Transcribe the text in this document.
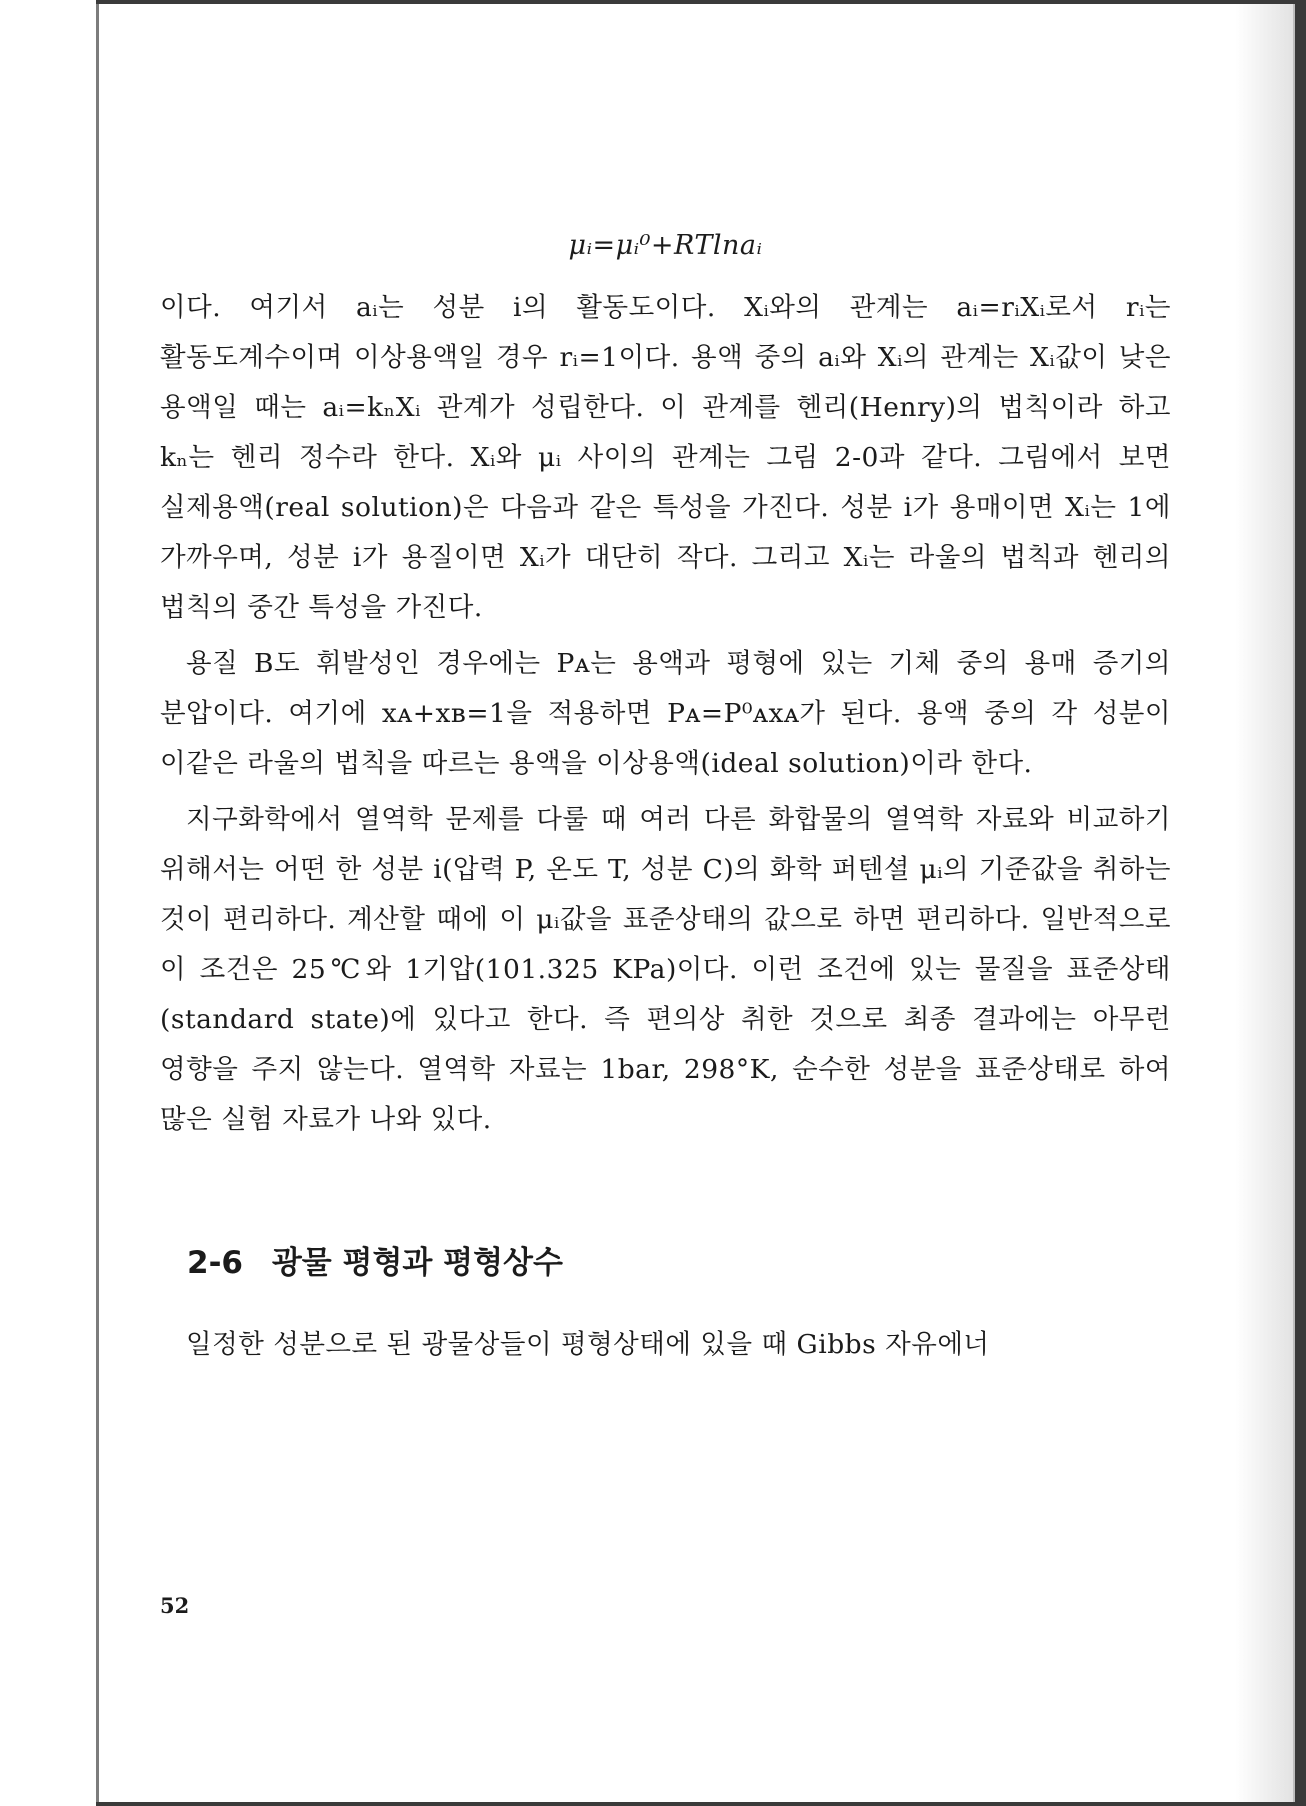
μᵢ=μᵢ⁰+RTlnaᵢ

이다. 여기서 aᵢ는 성분 i의 활동도이다. Xᵢ와의 관계는 aᵢ=rᵢXᵢ로서 rᵢ는 활동도계수이며 이상용액일 경우 rᵢ=1이다. 용액 중의 aᵢ와 Xᵢ의 관계는 Xᵢ값이 낮은 용액일 때는 aᵢ=kₙXᵢ 관계가 성립한다. 이 관계를 헨리(Henry)의 법칙이라 하고 kₙ는 헨리 정수라 한다. Xᵢ와 μᵢ 사이의 관계는 그림 2-0과 같다. 그림에서 보면 실제용액(real solution)은 다음과 같은 특성을 가진다. 성분 i가 용매이면 Xᵢ는 1에 가까우며, 성분 i가 용질이면 Xᵢ가 대단히 작다. 그리고 Xᵢ는 라울의 법칙과 헨리의 법칙의 중간 특성을 가진다.

용질 B도 휘발성인 경우에는 Pᴀ는 용액과 평형에 있는 기체 중의 용매 증기의 분압이다. 여기에 xᴀ+xʙ=1을 적용하면 Pᴀ=P⁰ᴀxᴀ가 된다. 용액 중의 각 성분이 이같은 라울의 법칙을 따르는 용액을 이상용액(ideal solution)이라 한다.

지구화학에서 열역학 문제를 다룰 때 여러 다른 화합물의 열역학 자료와 비교하기 위해서는 어떤 한 성분 i(압력 P, 온도 T, 성분 C)의 화학 퍼텐셜 μᵢ의 기준값을 취하는 것이 편리하다. 계산할 때에 이 μᵢ값을 표준상태의 값으로 하면 편리하다. 일반적으로 이 조건은 25℃와 1기압(101.325 KPa)이다. 이런 조건에 있는 물질을 표준상태(standard state)에 있다고 한다. 즉 편의상 취한 것으로 최종 결과에는 아무런 영향을 주지 않는다. 열역학 자료는 1bar, 298°K, 순수한 성분을 표준상태로 하여 많은 실험 자료가 나와 있다.

2-6 광물 평형과 평형상수

일정한 성분으로 된 광물상들이 평형상태에 있을 때 Gibbs 자유에너

52
